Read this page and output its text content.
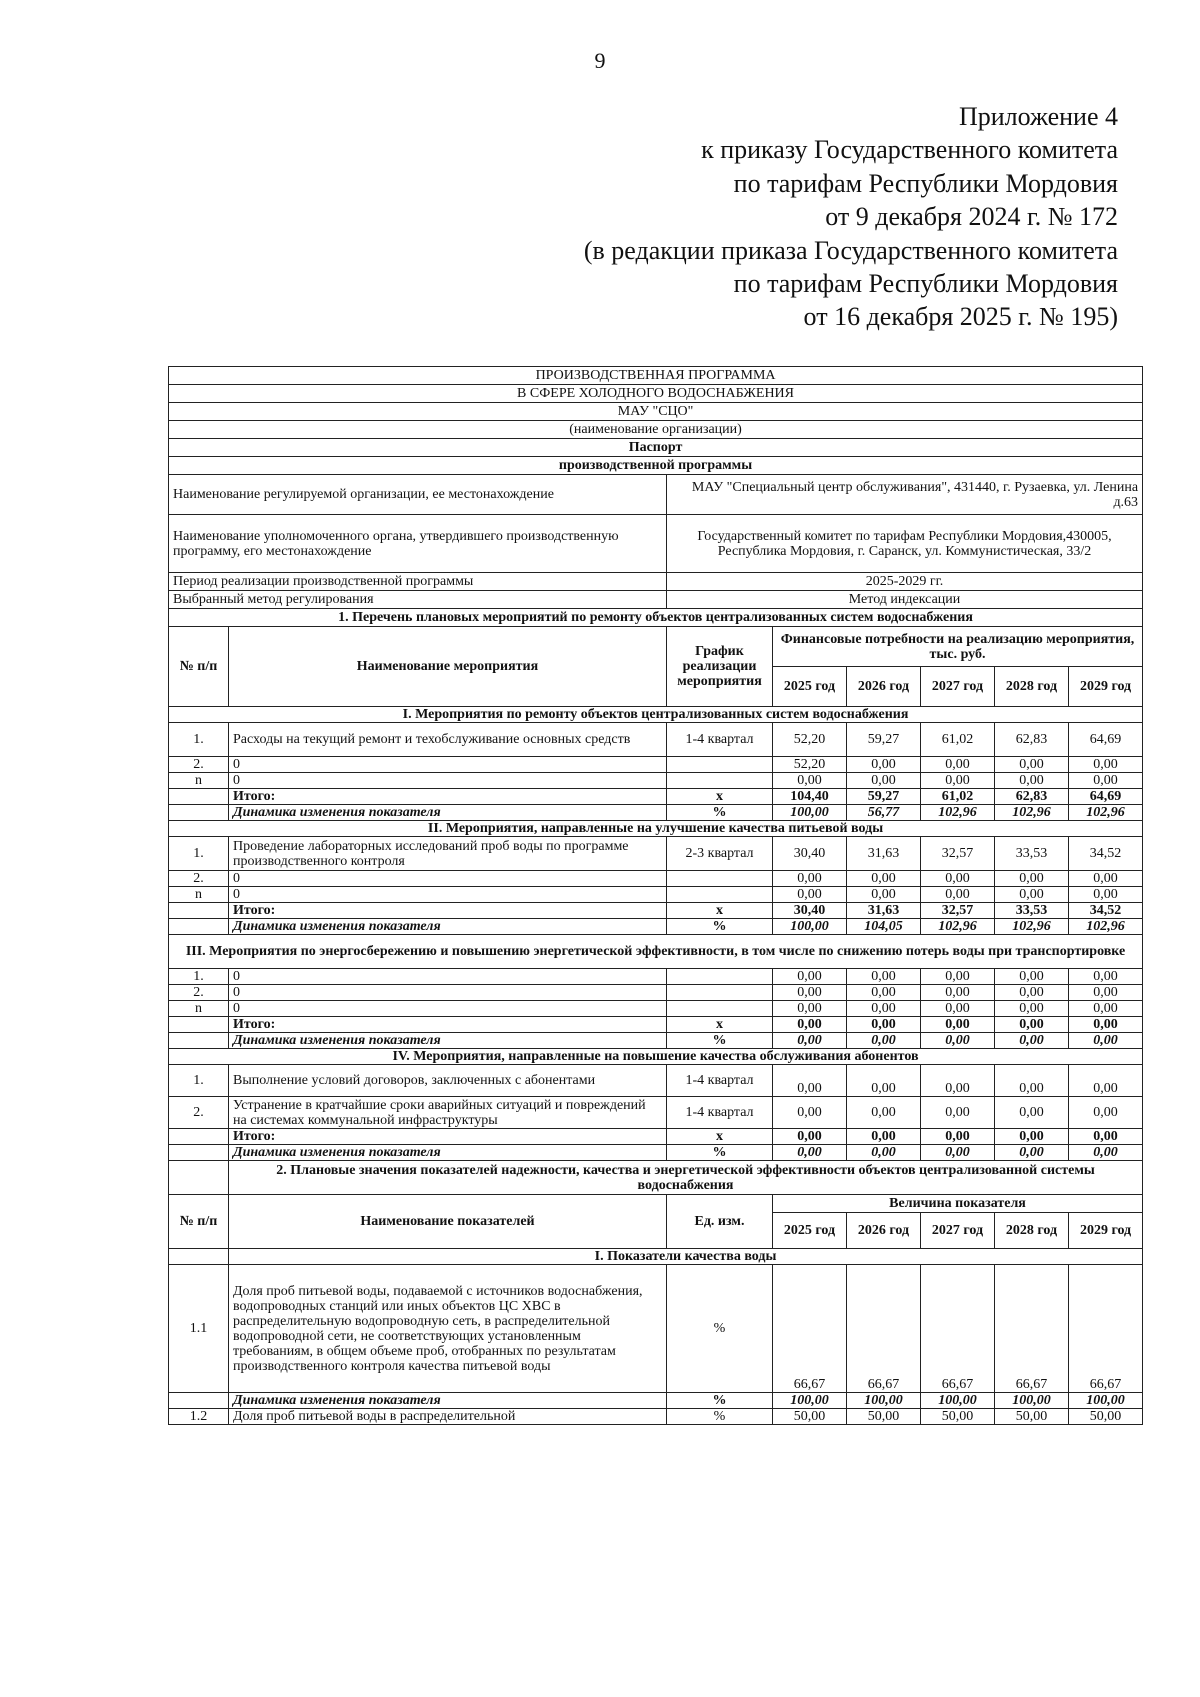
9
Приложение 4
к приказу Государственного комитета
по тарифам Республики Мордовия
от 9 декабря 2024 г. № 172
(в редакции приказа Государственного комитета
по тарифам Республики Мордовия
от 16 декабря 2025 г. № 195)
ПРОИЗВОДСТВЕННАЯ ПРОГРАММА							
В СФЕРЕ ХОЛОДНОГО ВОДОСНАБЖЕНИЯ							
МАУ "СЦО"							
(наименование организации)							
Паспорт							
производственной программы							
Наименование регулируемой организации, ее местонахождение		МАУ "Специальный центр обслуживания", 431440, г. Рузаевка, ул. Ленина д.63					
Наименование уполномоченного органа, утвердившего производственную программу, его местонахождение		Государственный комитет по тарифам Республики Мордовия,430005, Республика Мордовия, г. Саранск, ул. Коммунистическая, 33/2					
Период реализации производственной программы		2025-2029 гг.					
Выбранный метод регулирования		Метод индексации					
1. Перечень плановых мероприятий по ремонту объектов централизованных систем водоснабжения							
№ п/п	Наименование мероприятия	График реализации мероприятия	Финансовые потребности на реализацию мероприятия, тыс. руб.				
			2025 год	2026 год	2027 год	2028 год	2029 год
I. Мероприятия по ремонту объектов централизованных систем водоснабжения							
1.	Расходы на текущий ремонт и техобслуживание основных средств	1-4 квартал	52,20	59,27	61,02	62,83	64,69
2.	0		52,20	0,00	0,00	0,00	0,00
n	0		0,00	0,00	0,00	0,00	0,00
	Итого:	х	104,40	59,27	61,02	62,83	64,69
	Динамика изменения показателя	%	100,00	56,77	102,96	102,96	102,96
II. Мероприятия, направленные на улучшение качества питьевой воды							
1.	Проведение лабораторных исследований проб воды по программе производственного контроля	2-3 квартал	30,40	31,63	32,57	33,53	34,52
2.	0		0,00	0,00	0,00	0,00	0,00
n	0		0,00	0,00	0,00	0,00	0,00
	Итого:	х	30,40	31,63	32,57	33,53	34,52
	Динамика изменения показателя	%	100,00	104,05	102,96	102,96	102,96
III. Мероприятия по энергосбережению и повышению энергетической эффективности, в том числе по снижению потерь воды при транспортировке							
1.	0		0,00	0,00	0,00	0,00	0,00
2.	0		0,00	0,00	0,00	0,00	0,00
n	0		0,00	0,00	0,00	0,00	0,00
	Итого:	х	0,00	0,00	0,00	0,00	0,00
	Динамика изменения показателя	%	0,00	0,00	0,00	0,00	0,00
IV. Мероприятия, направленные на повышение качества обслуживания абонентов							
1.	Выполнение условий договоров, заключенных с абонентами	1-4 квартал	0,00	0,00	0,00	0,00	0,00
2.	Устранение в кратчайшие сроки аварийных ситуаций и повреждений на системах коммунальной инфраструктуры	1-4 квартал	0,00	0,00	0,00	0,00	0,00
	Итого:	х	0,00	0,00	0,00	0,00	0,00
	Динамика изменения показателя	%	0,00	0,00	0,00	0,00	0,00
	2. Плановые значения показателей надежности, качества и энергетической эффективности объектов централизованной системы водоснабжения						
№ п/п	Наименование показателей	Ед. изм.	Величина показателя				
			2025 год	2026 год	2027 год	2028 год	2029 год
	I. Показатели качества воды						
1.1	Доля проб питьевой воды, подаваемой с источников водоснабжения, водопроводных станций или иных объектов ЦС ХВС в распределительную водопроводную сеть, в распределительной водопроводной сети, не соответствующих установленным требованиям, в общем объеме проб, отобранных по результатам производственного контроля качества питьевой воды	%	66,67	66,67	66,67	66,67	66,67
	Динамика изменения показателя	%	100,00	100,00	100,00	100,00	100,00
1.2	Доля проб питьевой воды в распределительной	%	50,00	50,00	50,00	50,00	50,00
